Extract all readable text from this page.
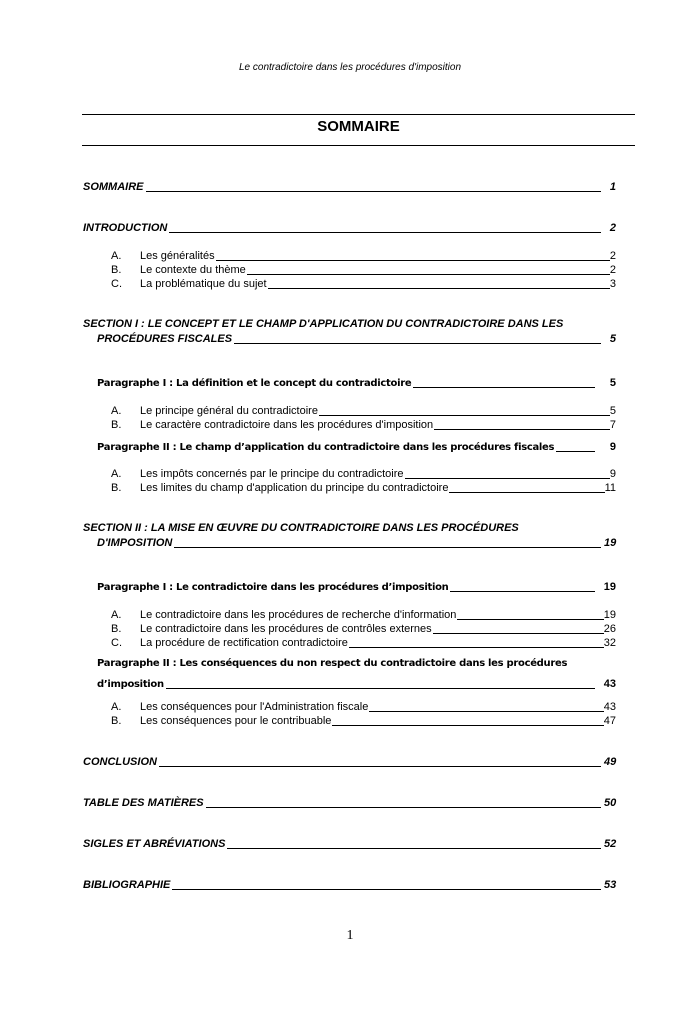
Le contradictoire dans les procédures d'imposition
SOMMAIRE
SOMMAIRE	1
INTRODUCTION	2
A.	Les généralités	2
B.	Le contexte du thème	2
C.	La problématique du sujet	3
SECTION I : LE CONCEPT ET LE CHAMP D'APPLICATION DU CONTRADICTOIRE DANS LES
PROCÉDURES FISCALES	5
Paragraphe I : La définition et le concept du contradictoire	5
A.	Le principe général du contradictoire	5
B.	Le caractère contradictoire dans les procédures d'imposition	7
Paragraphe II : Le champ d’application du contradictoire dans les procédures fiscales	9
A.	Les impôts concernés par le principe du contradictoire	9
B.	Les limites du champ d'application du principe du contradictoire	11
SECTION II : LA MISE EN ŒUVRE DU CONTRADICTOIRE DANS LES PROCÉDURES
D'IMPOSITION	19
Paragraphe I : Le contradictoire dans les procédures d’imposition	19
A.	Le contradictoire dans les procédures de recherche d'information	19
B.	Le contradictoire dans les procédures de contrôles externes	26
C.	La procédure de rectification contradictoire	32
Paragraphe II : Les conséquences du non respect du contradictoire dans les procédures
d’imposition	43
A.	Les conséquences pour l'Administration fiscale	43
B.	Les conséquences pour le contribuable	47
CONCLUSION	49
TABLE DES MATIÈRES	50
SIGLES ET ABRÉVIATIONS	52
BIBLIOGRAPHIE	53
1
